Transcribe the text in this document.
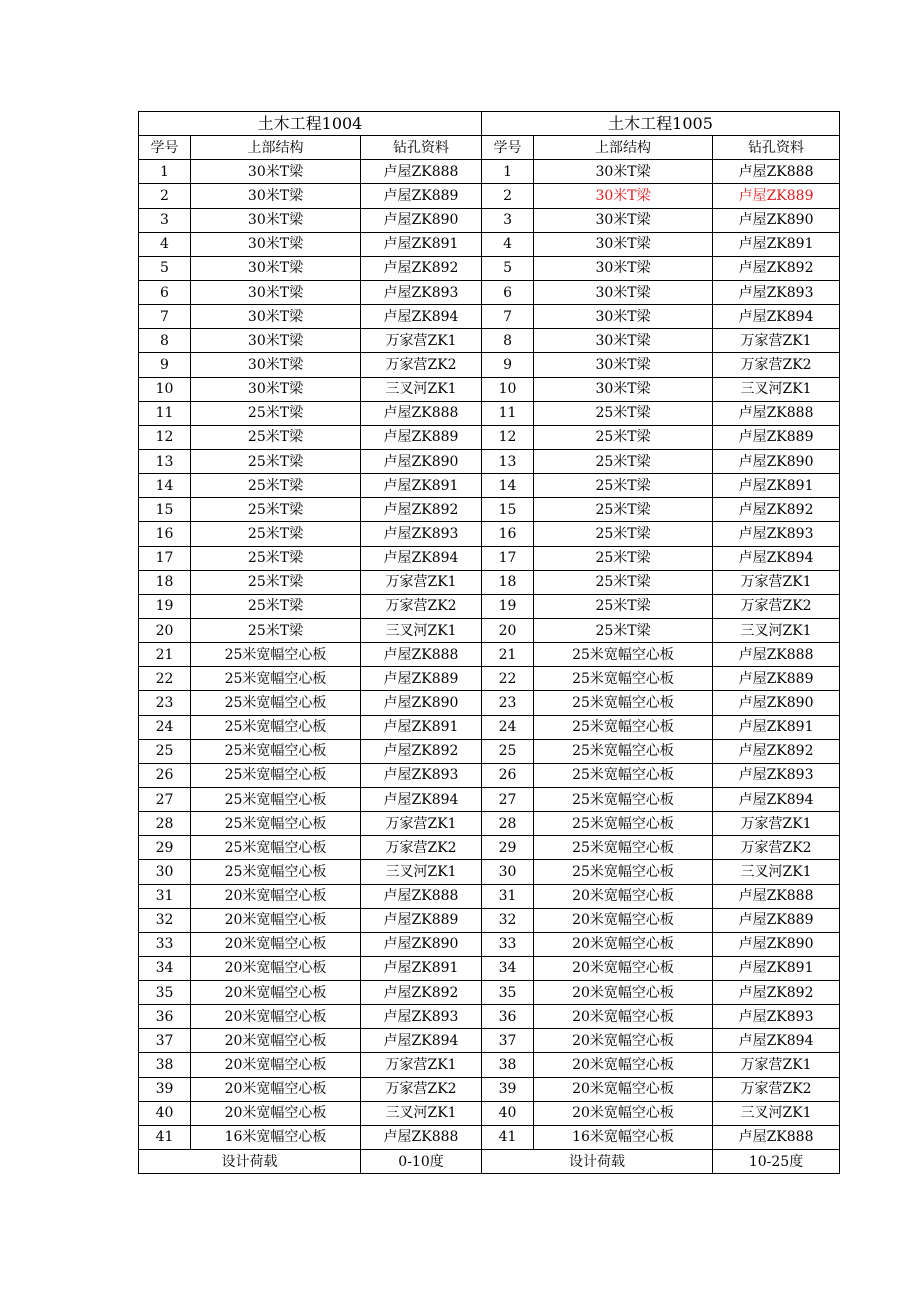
土木工程1004			土木工程1005		
学号	上部结构	钻孔资料	学号	上部结构	钻孔资料
1	30米T梁	卢屋ZK888	1	30米T梁	卢屋ZK888
2	30米T梁	卢屋ZK889	2	30米T梁	卢屋ZK889
3	30米T梁	卢屋ZK890	3	30米T梁	卢屋ZK890
4	30米T梁	卢屋ZK891	4	30米T梁	卢屋ZK891
5	30米T梁	卢屋ZK892	5	30米T梁	卢屋ZK892
6	30米T梁	卢屋ZK893	6	30米T梁	卢屋ZK893
7	30米T梁	卢屋ZK894	7	30米T梁	卢屋ZK894
8	30米T梁	万家营ZK1	8	30米T梁	万家营ZK1
9	30米T梁	万家营ZK2	9	30米T梁	万家营ZK2
10	30米T梁	三叉河ZK1	10	30米T梁	三叉河ZK1
11	25米T梁	卢屋ZK888	11	25米T梁	卢屋ZK888
12	25米T梁	卢屋ZK889	12	25米T梁	卢屋ZK889
13	25米T梁	卢屋ZK890	13	25米T梁	卢屋ZK890
14	25米T梁	卢屋ZK891	14	25米T梁	卢屋ZK891
15	25米T梁	卢屋ZK892	15	25米T梁	卢屋ZK892
16	25米T梁	卢屋ZK893	16	25米T梁	卢屋ZK893
17	25米T梁	卢屋ZK894	17	25米T梁	卢屋ZK894
18	25米T梁	万家营ZK1	18	25米T梁	万家营ZK1
19	25米T梁	万家营ZK2	19	25米T梁	万家营ZK2
20	25米T梁	三叉河ZK1	20	25米T梁	三叉河ZK1
21	25米宽幅空心板	卢屋ZK888	21	25米宽幅空心板	卢屋ZK888
22	25米宽幅空心板	卢屋ZK889	22	25米宽幅空心板	卢屋ZK889
23	25米宽幅空心板	卢屋ZK890	23	25米宽幅空心板	卢屋ZK890
24	25米宽幅空心板	卢屋ZK891	24	25米宽幅空心板	卢屋ZK891
25	25米宽幅空心板	卢屋ZK892	25	25米宽幅空心板	卢屋ZK892
26	25米宽幅空心板	卢屋ZK893	26	25米宽幅空心板	卢屋ZK893
27	25米宽幅空心板	卢屋ZK894	27	25米宽幅空心板	卢屋ZK894
28	25米宽幅空心板	万家营ZK1	28	25米宽幅空心板	万家营ZK1
29	25米宽幅空心板	万家营ZK2	29	25米宽幅空心板	万家营ZK2
30	25米宽幅空心板	三叉河ZK1	30	25米宽幅空心板	三叉河ZK1
31	20米宽幅空心板	卢屋ZK888	31	20米宽幅空心板	卢屋ZK888
32	20米宽幅空心板	卢屋ZK889	32	20米宽幅空心板	卢屋ZK889
33	20米宽幅空心板	卢屋ZK890	33	20米宽幅空心板	卢屋ZK890
34	20米宽幅空心板	卢屋ZK891	34	20米宽幅空心板	卢屋ZK891
35	20米宽幅空心板	卢屋ZK892	35	20米宽幅空心板	卢屋ZK892
36	20米宽幅空心板	卢屋ZK893	36	20米宽幅空心板	卢屋ZK893
37	20米宽幅空心板	卢屋ZK894	37	20米宽幅空心板	卢屋ZK894
38	20米宽幅空心板	万家营ZK1	38	20米宽幅空心板	万家营ZK1
39	20米宽幅空心板	万家营ZK2	39	20米宽幅空心板	万家营ZK2
40	20米宽幅空心板	三叉河ZK1	40	20米宽幅空心板	三叉河ZK1
41	16米宽幅空心板	卢屋ZK888	41	16米宽幅空心板	卢屋ZK888
设计荷载		0-10度	设计荷载		10-25度
